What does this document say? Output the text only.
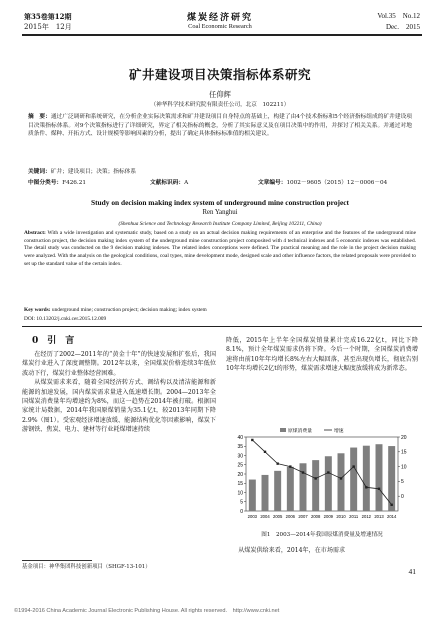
第35卷第12期
2015年　12月
煤炭经济研究
Coal Economic Research
Vol.35　No.12
Dec.　2015
矿井建设项目决策指标体系研究
任仰辉
（神华科学技术研究院有限责任公司，北京　102211）
摘　要：通过广泛调研和系统研究，在分析企业实际决策需求和矿井建设项目自身特点的基础上，构建了由4个技术指标和5个经济指标组成的矿井建设项目决策指标体系。对9个决策指标进行了详细研究，界定了相关指标的概念，分析了其实际意义及在项目决策中的作用，并探讨了相关关系。并通过对地质条件、煤种、开拓方式、设计规模等影响因素的分析，提出了确定具体指标标准值的相关建议。
关键词：矿井；建设项目；决策；指标体系
中图分类号：F426.21	文献标识码：A	文章编号：1002－9605（2015）12－0006－04
Study on decision making index system of underground mine construction project
Ren Yanghui
(Shenhua Science and Technology Research Institute Company Limited, Beijing 102211, China)
Abstract: With a wide investigation and systematic study, based on a study on an actual decision making requirements of an enterprise and the features of the underground mine construction project, the decision making index system of the underground mine construction project composited with 4 technical indexes and 5 economic indexes was established. The detail study was conducted on the 9 decision making indexes. The related index conceptions were defined. The practical meaning and the role in the project decision making were analyzed. With the analysis on the geological conditions, coal types, mine development mode, designed scale and other influence factors, the related proposals were provided to set up the standard value of the certain index.
Key words: underground mine; construction project; decision making; index system
DOI: 10.13202/j.cnki.cer.2015.12.009
0　 引　言

在经历了2002—2011年的“黄金十年”的快速发展和扩张后，我国煤炭行业进入了深度调整期。2012年以来，全国煤炭价格连续3年低位波动下行，煤炭行业整体经营困难。

从煤炭需求来看，随着全国经济转方式、调结构以及清洁能源和新能源的加速发展，国内煤炭需求量进入低速增长期。2004—2013年全国煤炭消费量年均增速约为8%，而这一趋势在2014年被打破。根据国家统计局数据，2014年我国原煤销量为35.1亿t，较2013年同期下降2.9%（图1）。受宏观经济增速放缓、能源结构优化等因素影响，煤炭下游钢铁、焦炭、电力、建材等行业耗煤增速持续

基金项目：神华集团科技创新项目（SHGF-13-101）

降低，2015年上半年全国煤炭销量累计完成16.22亿t，同比下降8.1%，预计全年煤炭需求仍将下降。今后一个时期，全国煤炭消费增速将由前10年年均增长8%左右大幅回落，甚至出现负增长，彻底告别10年年均增长2亿t的形势，煤炭需求增速大幅度放缓将成为新常态。

40
35
30
25
20
15
10
5
0
20
15
10
5
0
2003 2004 2005 2006 2007 2008 2009 2010 2011 2012 2013 2014
原煤消费量	增速
图1　2003—2014年我国原煤消费量及增速情况

从煤炭供给来看，2014年，在市场需求

41
©1994-2016 China Academic Journal Electronic Publishing House. All rights reserved.　http://www.cnki.net
